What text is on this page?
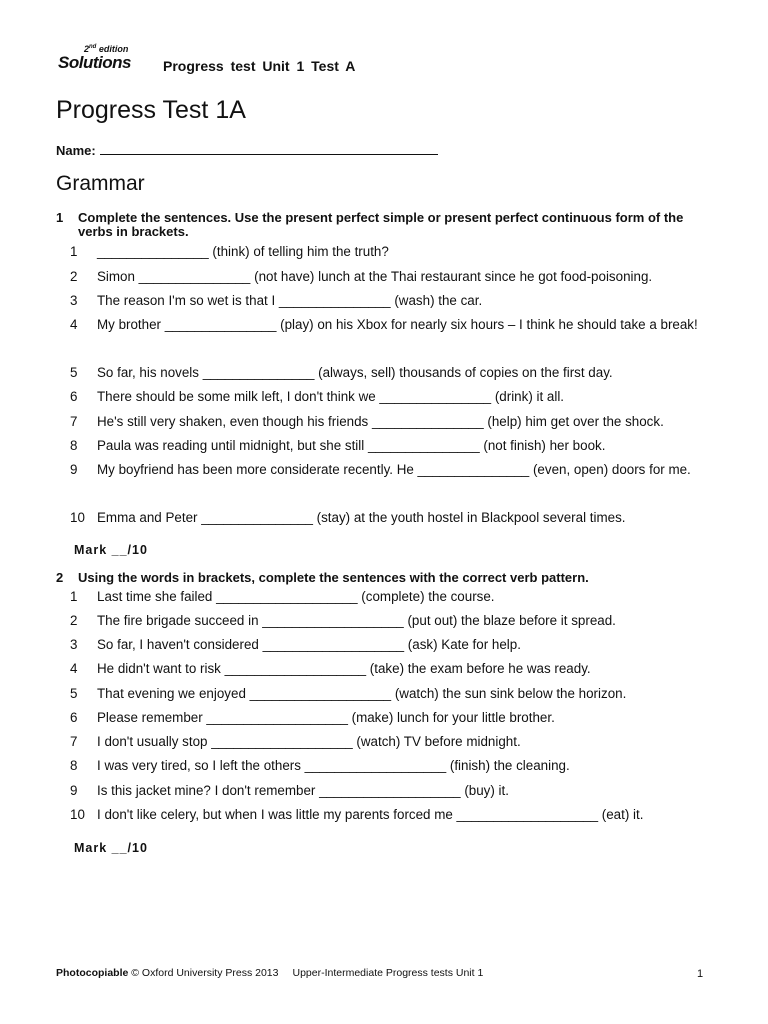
2nd edition
Solutions Progress test Unit 1 Test A
Progress Test 1A
Name:
Grammar
1	Complete the sentences. Use the present perfect simple or present perfect continuous form of the verbs in brackets.
1	_______________ (think) of telling him the truth?
2	Simon _______________ (not have) lunch at the Thai restaurant since he got food-poisoning.
3	The reason I'm so wet is that I _______________ (wash) the car.
4	My brother _______________ (play) on his Xbox for nearly six hours – I think he should take a break!
5	So far, his novels _______________ (always, sell) thousands of copies on the first day.
6	There should be some milk left, I don't think we _______________ (drink) it all.
7	He's still very shaken, even though his friends _______________ (help) him get over the shock.
8	Paula was reading until midnight, but she still _______________ (not finish) her book.
9	My boyfriend has been more considerate recently. He _______________ (even, open) doors for me.
10 Emma and Peter _______________ (stay) at the youth hostel in Blackpool several times.
Mark __/10
2	Using the words in brackets, complete the sentences with the correct verb pattern.
1	Last time she failed ___________________ (complete) the course.
2	The fire brigade succeed in ___________________ (put out) the blaze before it spread.
3	So far, I haven't considered ___________________ (ask) Kate for help.
4	He didn't want to risk ___________________ (take) the exam before he was ready.
5	That evening we enjoyed ___________________ (watch) the sun sink below the horizon.
6	Please remember ___________________ (make) lunch for your little brother.
7	I don't usually stop ___________________ (watch) TV before midnight.
8	I was very tired, so I left the others ___________________ (finish) the cleaning.
9	Is this jacket mine? I don't remember ___________________ (buy) it.
10 I don't like celery, but when I was little my parents forced me ___________________ (eat) it.
Mark __/10
Photocopiable © Oxford University Press 2013 Upper-Intermediate Progress tests Unit 1	1
